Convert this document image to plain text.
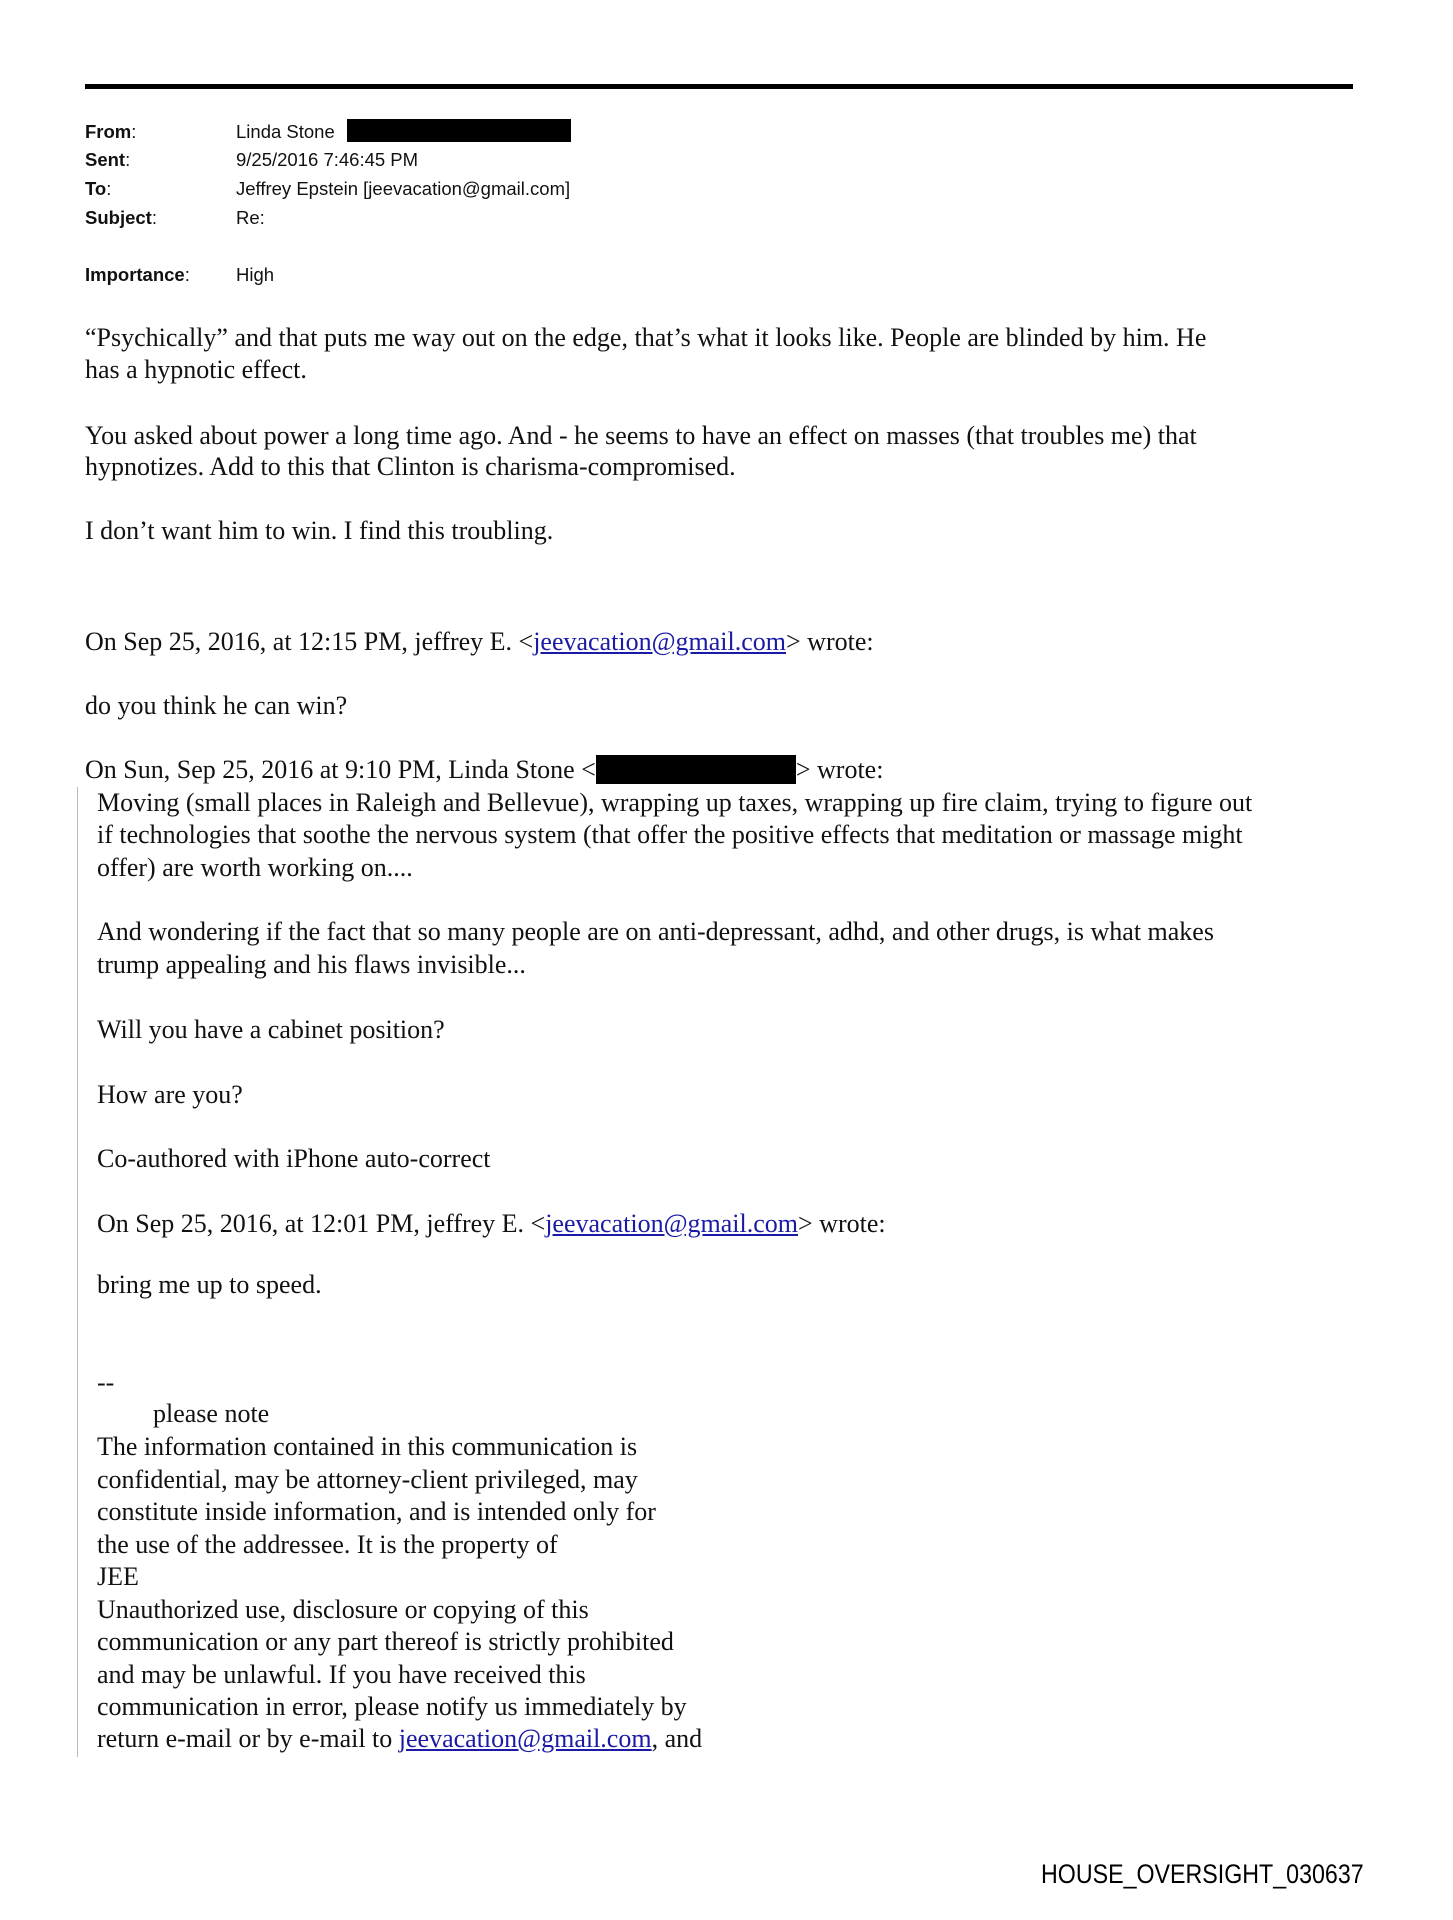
From:	Linda Stone
Sent:	9/25/2016 7:46:45 PM
To:	Jeffrey Epstein [jeevacation@gmail.com]
Subject:	Re:
Importance: High
“Psychically” and that puts me way out on the edge, that’s what it looks like. People are blinded by him. He
has a hypnotic effect.
You asked about power a long time ago. And - he seems to have an effect on masses (that troubles me) that
hypnotizes. Add to this that Clinton is charisma-compromised.
I don’t want him to win. I find this troubling.
On Sep 25, 2016, at 12:15 PM, jeffrey E. <jeevacation@gmail.com> wrote:
do you think he can win?
On Sun, Sep 25, 2016 at 9:10 PM, Linda Stone <	> wrote:
Moving (small places in Raleigh and Bellevue), wrapping up taxes, wrapping up fire claim, trying to figure out
if technologies that soothe the nervous system (that offer the positive effects that meditation or massage might
offer) are worth working on....
And wondering if the fact that so many people are on anti-depressant, adhd, and other drugs, is what makes
trump appealing and his flaws invisible...
Will you have a cabinet position?
How are you?
Co-authored with iPhone auto-correct
On Sep 25, 2016, at 12:01 PM, jeffrey E. <jeevacation@gmail.com> wrote:
bring me up to speed.
--
please note
The information contained in this communication is
confidential, may be attorney-client privileged, may
constitute inside information, and is intended only for
the use of the addressee. It is the property of
JEE
Unauthorized use, disclosure or copying of this
communication or any part thereof is strictly prohibited
and may be unlawful. If you have received this
communication in error, please notify us immediately by
return e-mail or by e-mail to jeevacation@gmail.com, and
HOUSE_OVERSIGHT_030637
